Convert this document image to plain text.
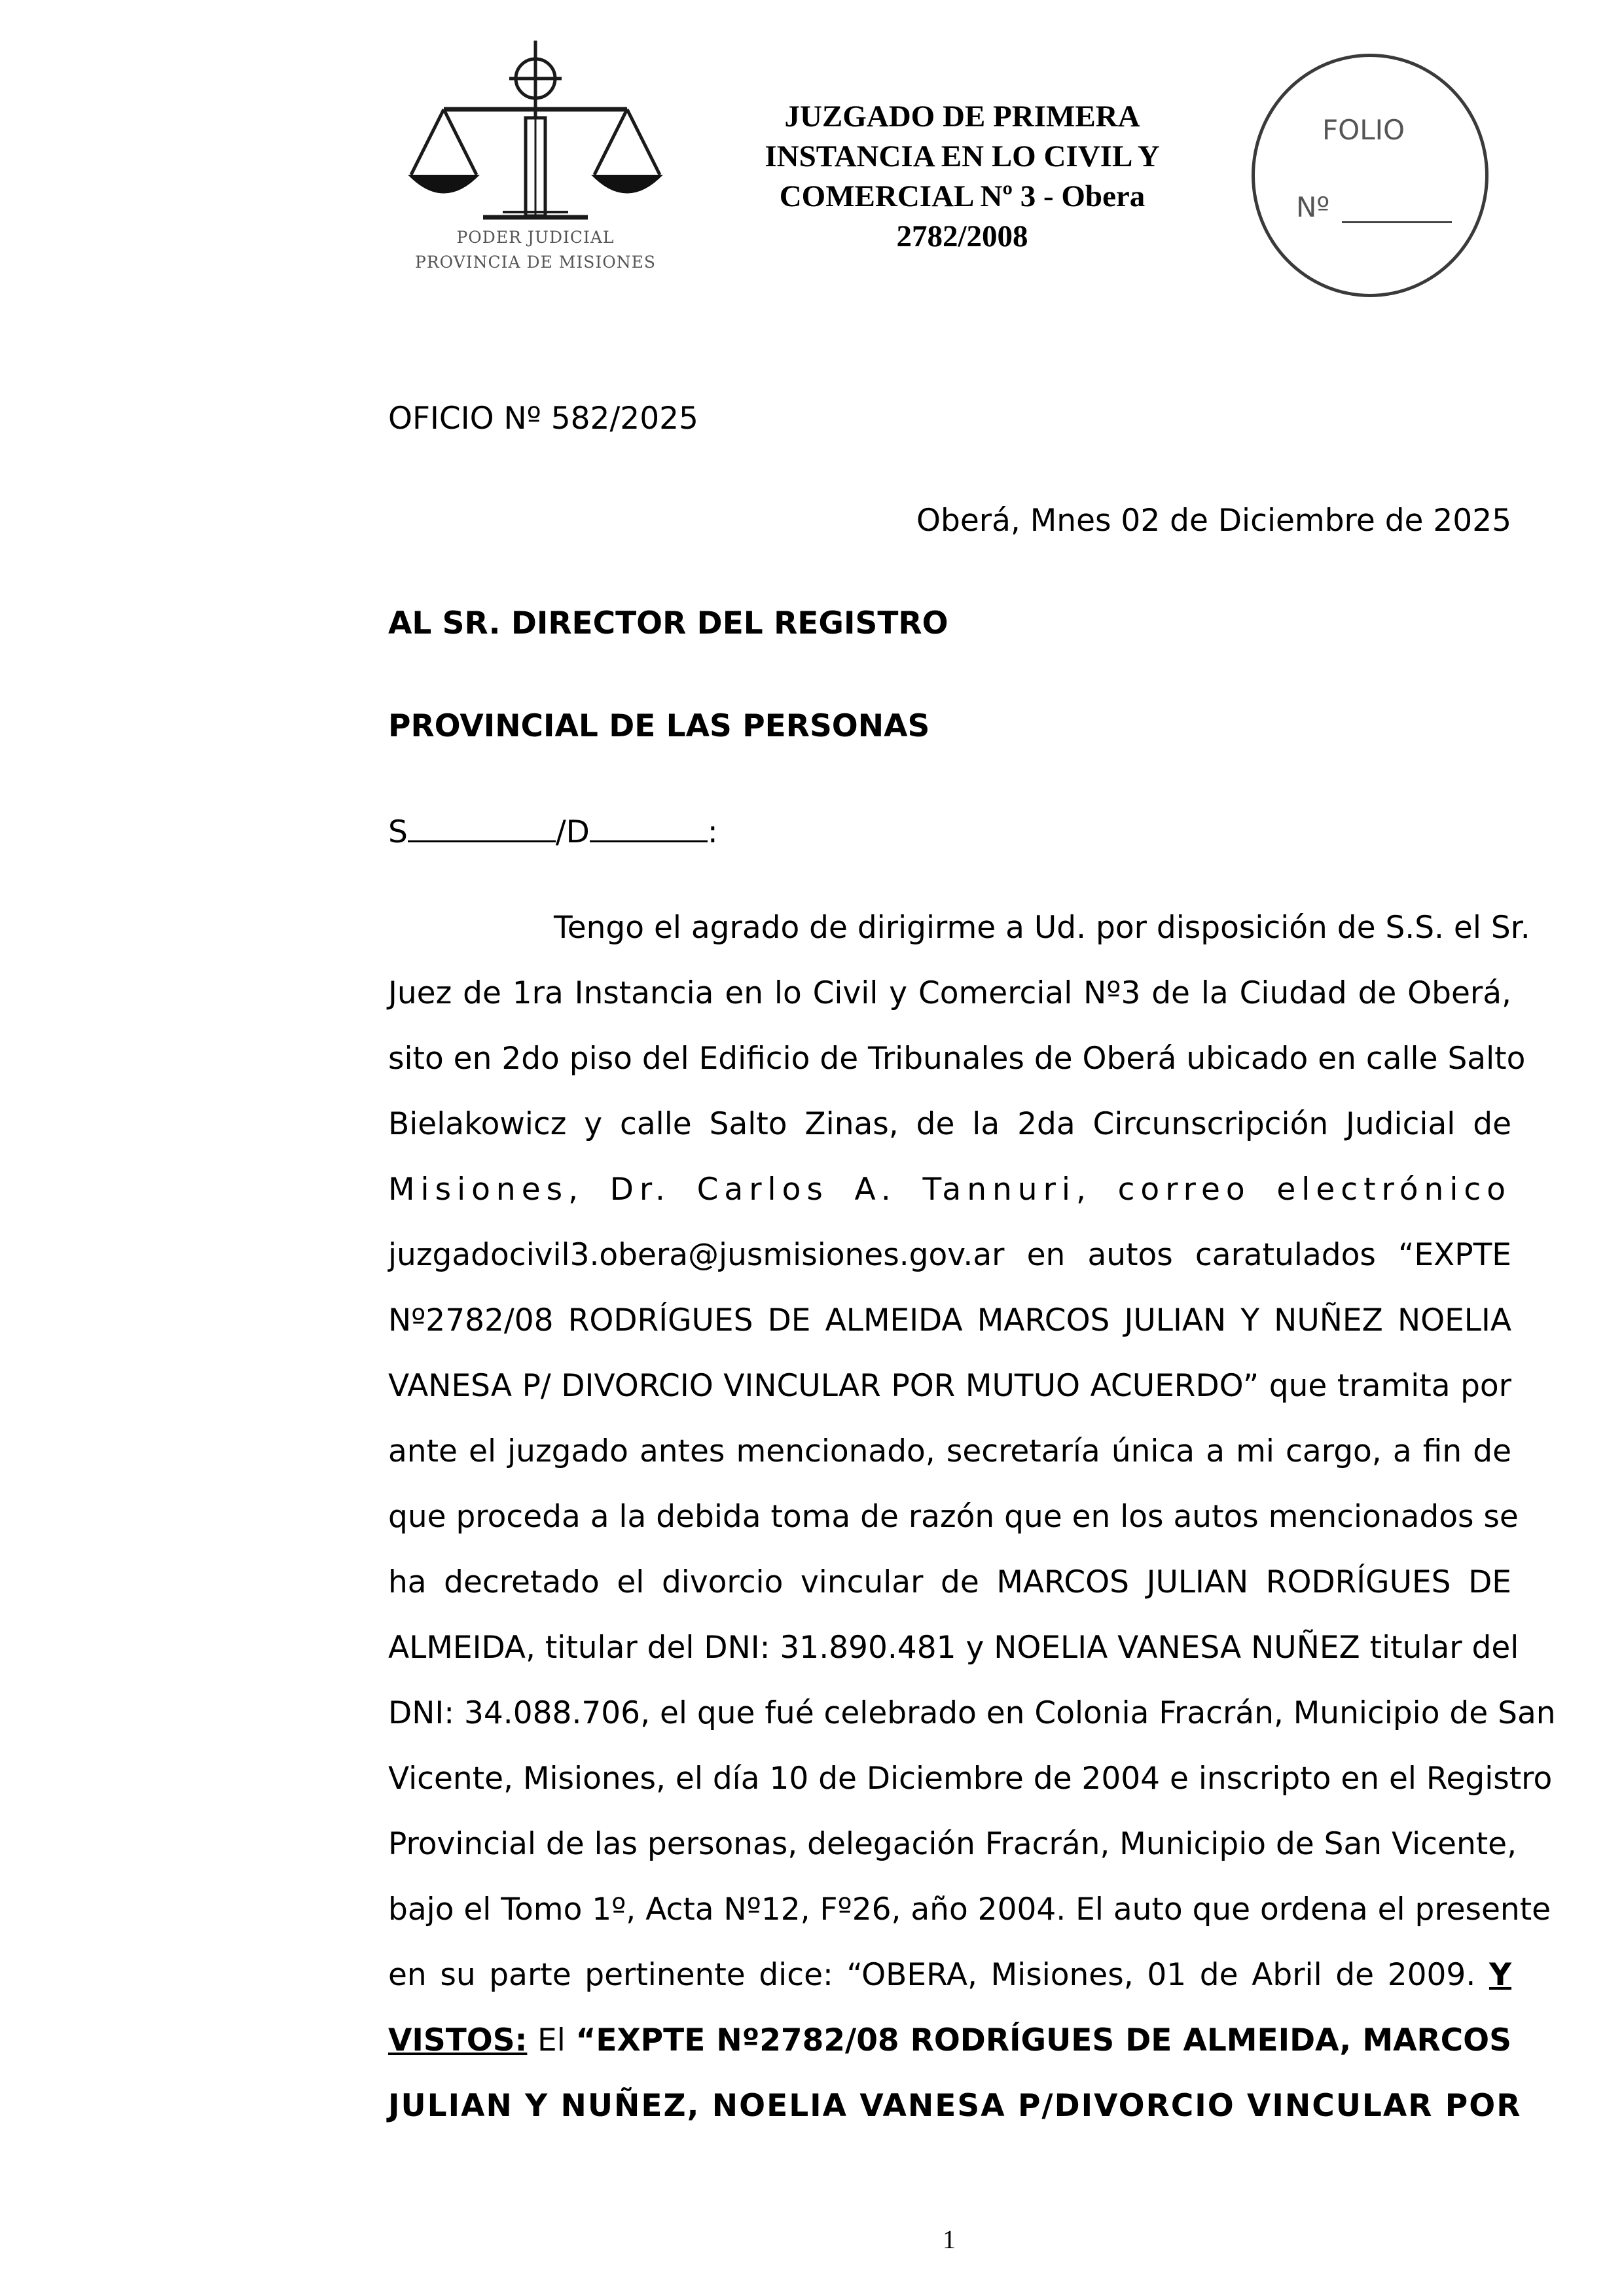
PODER JUDICIAL
PROVINCIA DE MISIONES
JUZGADO DE PRIMERA
INSTANCIA EN LO CIVIL Y
COMERCIAL Nº 3 - Obera
2782/2008
FOLIO
Nº
OFICIO Nº 582/2025
Oberá, Mnes 02 de Diciembre de 2025
AL SR. DIRECTOR DEL REGISTRO
PROVINCIAL DE LAS PERSONAS
S	/D	:
Tengo el agrado de dirigirme a Ud. por disposición de S.S. el Sr.
Juez de 1ra Instancia en lo Civil y Comercial Nº3 de la Ciudad de Oberá,
sito en 2do piso del Edificio de Tribunales de Oberá ubicado en calle Salto
Bielakowicz y calle Salto Zinas, de la 2da Circunscripción Judicial de
Misiones, Dr. Carlos A. Tannuri, correo electrónico
juzgadocivil3.obera@jusmisiones.gov.ar en autos caratulados “EXPTE
Nº2782/08 RODRÍGUES DE ALMEIDA MARCOS JULIAN Y NUÑEZ NOELIA
VANESA P/ DIVORCIO VINCULAR POR MUTUO ACUERDO” que tramita por
ante el juzgado antes mencionado, secretaría única a mi cargo, a fin de
que proceda a la debida toma de razón que en los autos mencionados se
ha decretado el divorcio vincular de MARCOS JULIAN RODRÍGUES DE
ALMEIDA, titular del DNI: 31.890.481 y NOELIA VANESA NUÑEZ titular del
DNI: 34.088.706, el que fué celebrado en Colonia Fracrán, Municipio de San
Vicente, Misiones, el día 10 de Diciembre de 2004 e inscripto en el Registro
Provincial de las personas, delegación Fracrán, Municipio de San Vicente,
bajo el Tomo 1º, Acta Nº12, Fº26, año 2004. El auto que ordena el presente
en su parte pertinente dice: “OBERA, Misiones, 01 de Abril de 2009. Y
VISTOS: El “EXPTE Nº2782/08 RODRÍGUES DE ALMEIDA, MARCOS
JULIAN Y NUÑEZ, NOELIA VANESA P/DIVORCIO VINCULAR POR
1
